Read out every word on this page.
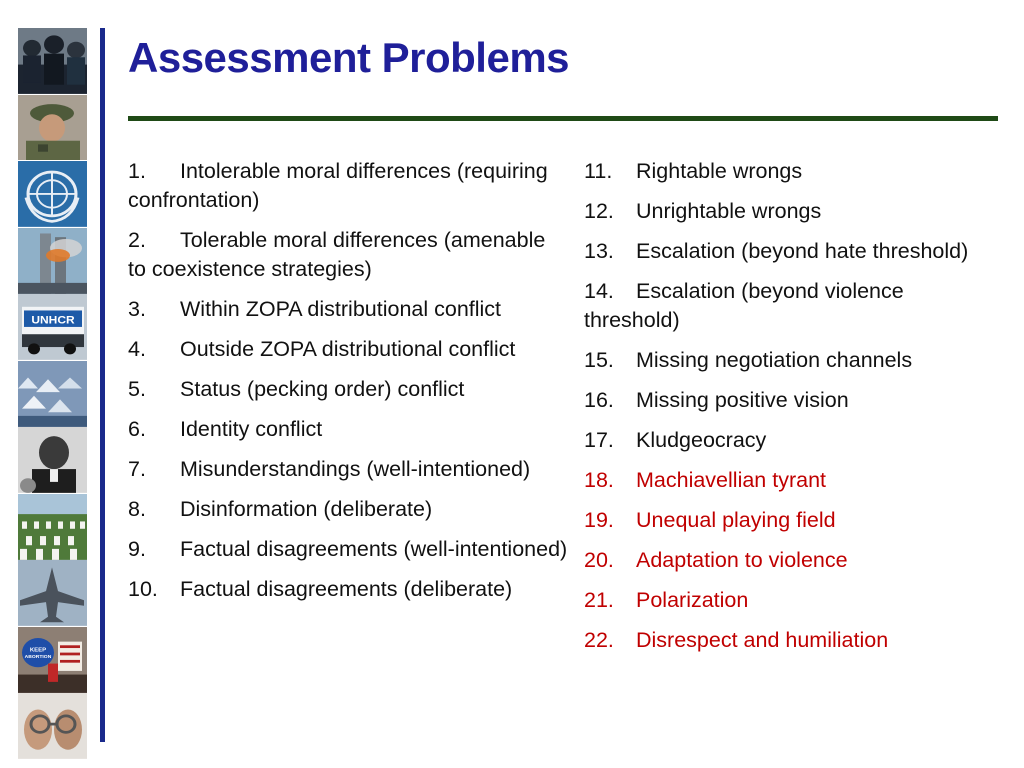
UNHCR
KEEP
ABORTION
Assessment Problems
1. Intolerable moral differences (requiring confrontation)
2. Tolerable moral differences (amenable to coexistence strategies)
3. Within ZOPA distributional conflict
4. Outside ZOPA distributional conflict
5. Status (pecking order) conflict
6. Identity conflict
7. Misunderstandings (well-intentioned)
8. Disinformation (deliberate)
9. Factual disagreements (well-intentioned)
10. Factual disagreements (deliberate)
11. Rightable wrongs
12. Unrightable wrongs
13. Escalation (beyond hate threshold)
14. Escalation (beyond violence threshold)
15. Missing negotiation channels
16. Missing positive vision
17. Kludgeocracy
18. Machiavellian tyrant
19. Unequal playing field
20. Adaptation to violence
21. Polarization
22. Disrespect and humiliation
